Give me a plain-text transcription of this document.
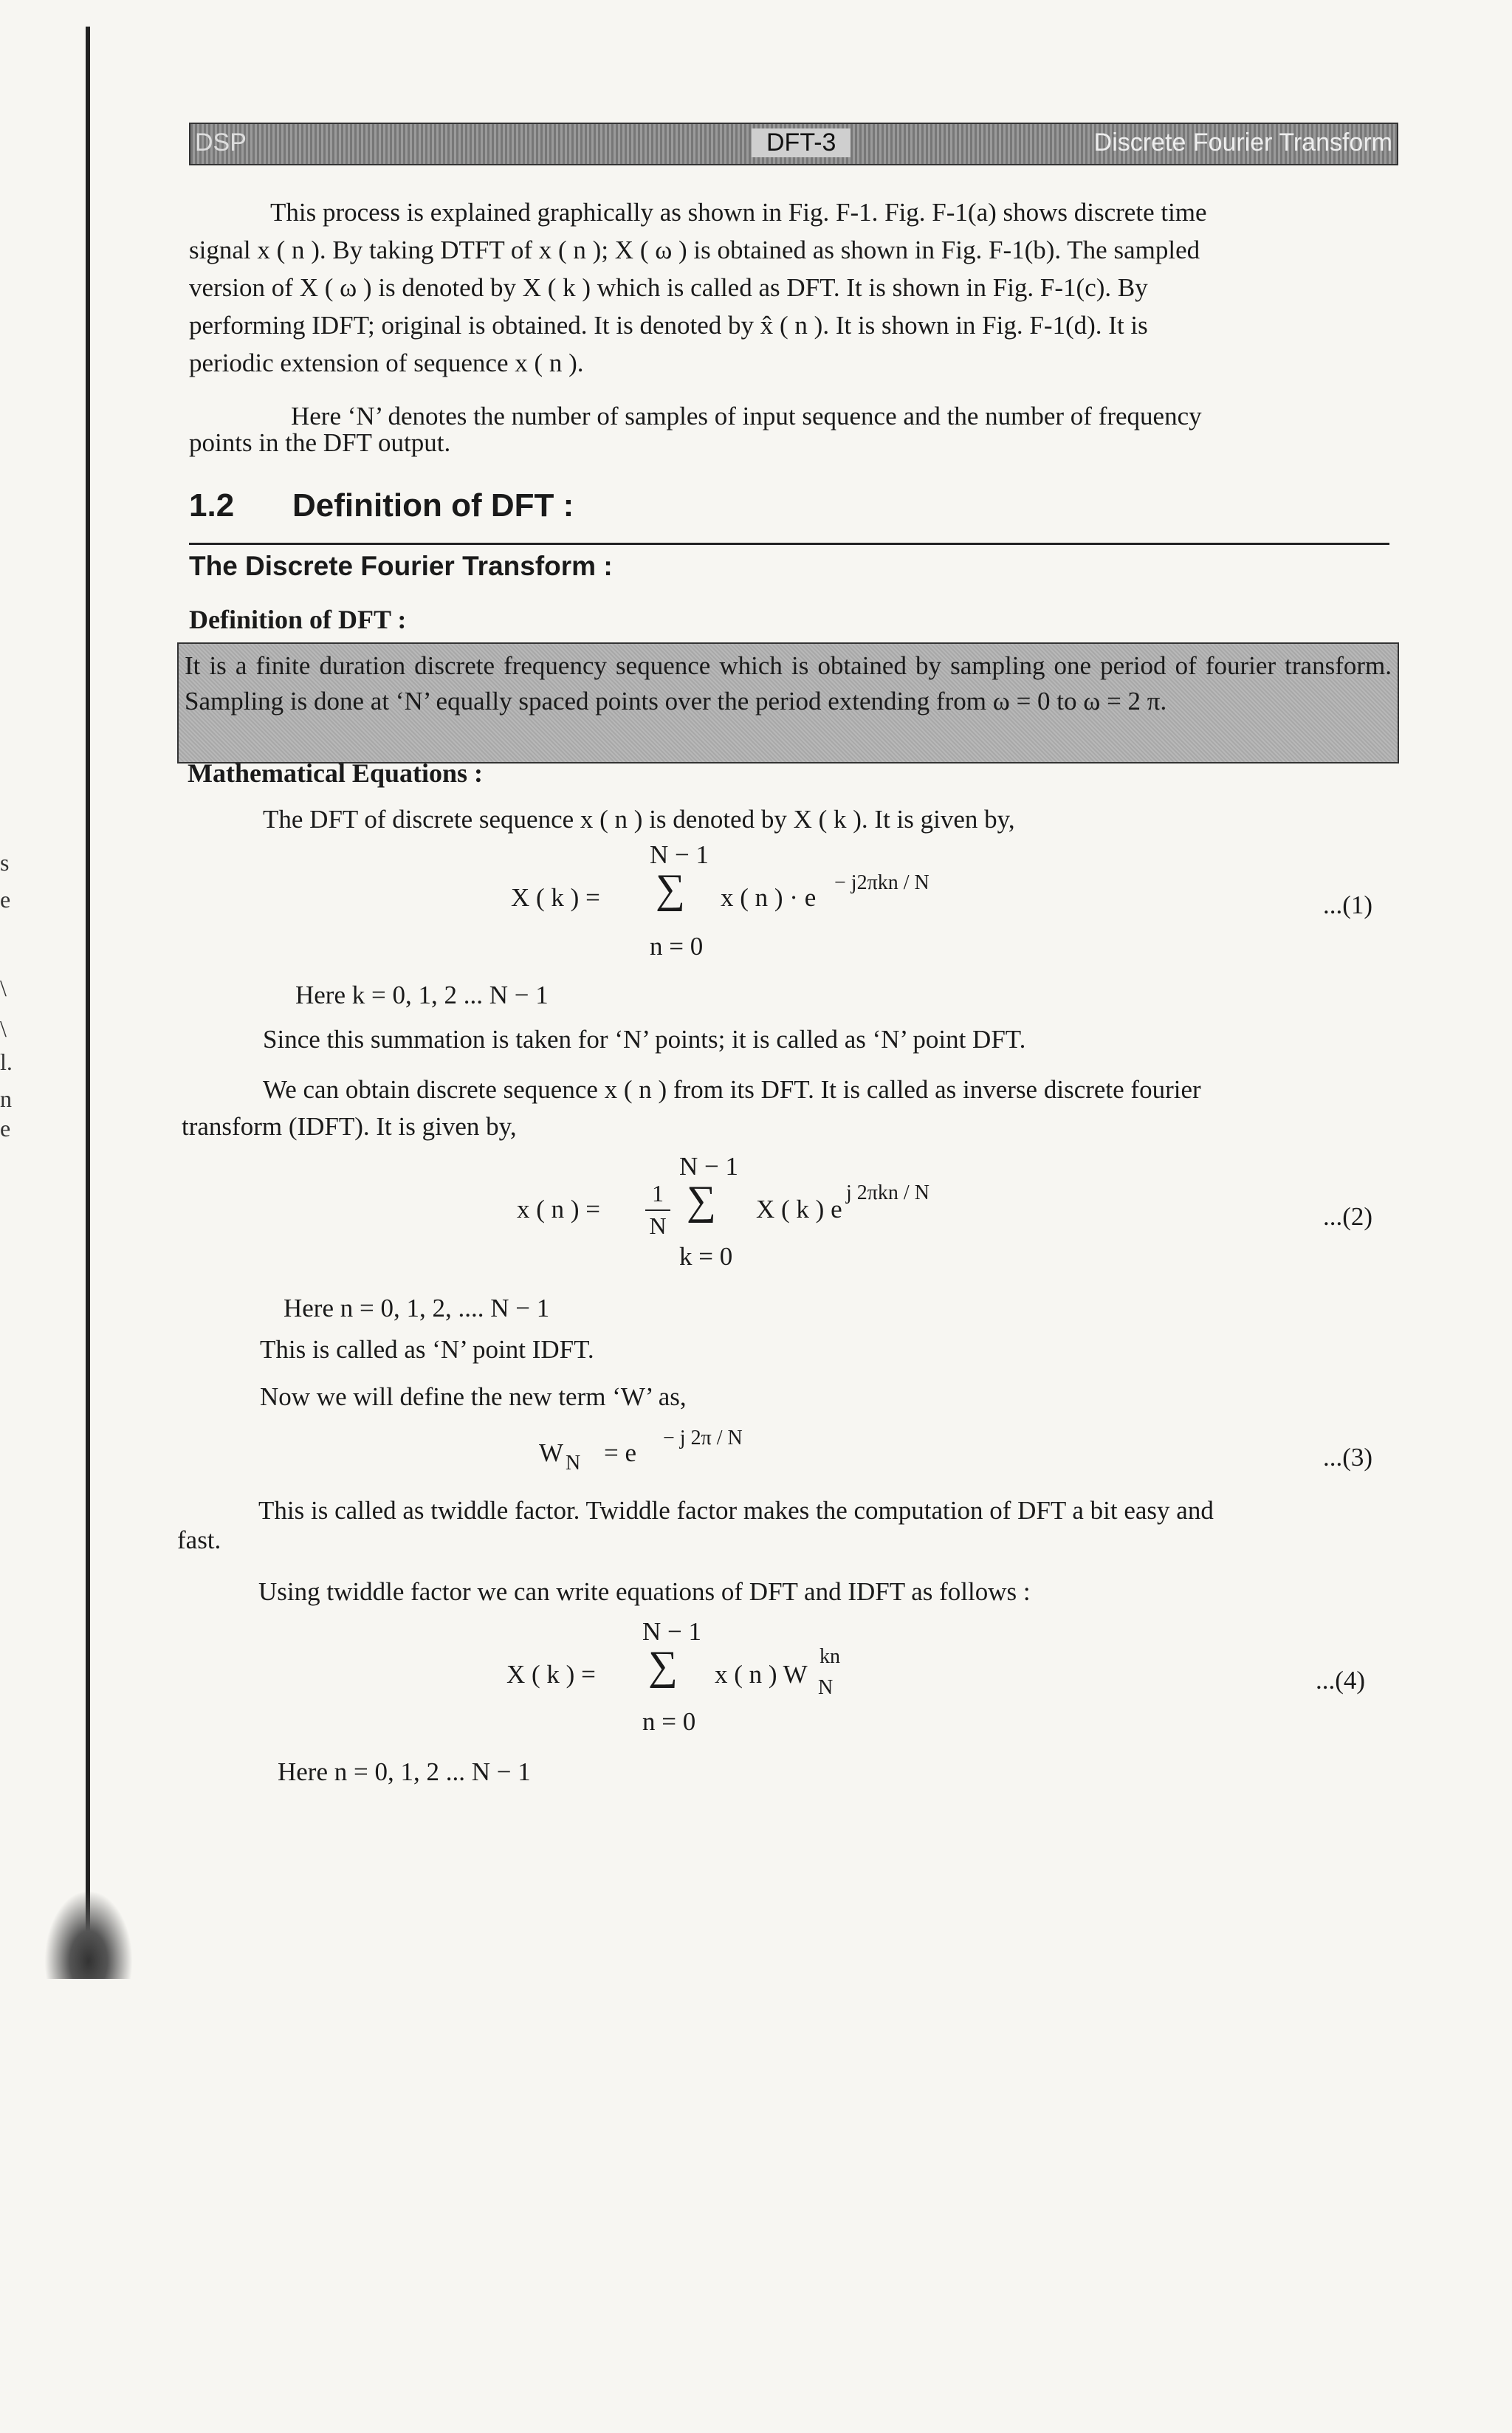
s
e
\
\
l.
n
e
DSP	DFT-3	Discrete Fourier Transform
This process is explained graphically as shown in Fig. F-1. Fig. F-1(a) shows discrete time
signal x ( n ). By taking DTFT of x ( n ); X ( ω ) is obtained as shown in Fig. F-1(b). The sampled
version of X ( ω ) is denoted by X ( k ) which is called as DFT. It is shown in Fig. F-1(c). By
performing IDFT; original is obtained. It is denoted by x̂ ( n ). It is shown in Fig. F-1(d). It is
periodic extension of sequence x ( n ).
Here ‘N’ denotes the number of samples of input sequence and the number of frequency
points in the DFT output.
1.2 Definition of DFT :
The Discrete Fourier Transform :
Definition of DFT :
It is a finite duration discrete frequency sequence which is obtained by sampling one period of fourier transform. Sampling is done at ‘N’ equally spaced points over the period extending from ω = 0 to ω = 2 π.
Mathematical Equations :
The DFT of discrete sequence x ( n ) is denoted by X ( k ). It is given by,
N − 1
X ( k ) = ∑ x ( n ) · e
− j2πkn / N
n = 0
...(1)
Here k = 0, 1, 2 ... N − 1
Since this summation is taken for ‘N’ points; it is called as ‘N’ point DFT.
We can obtain discrete sequence x ( n ) from its DFT. It is called as inverse discrete fourier
transform (IDFT). It is given by,
N − 1
x ( n ) =
1
N
∑ X ( k ) e
j 2πkn / N
k = 0
...(2)
Here n = 0, 1, 2, .... N − 1
This is called as ‘N’ point IDFT.
Now we will define the new term ‘W’ as,
W N = e
− j 2π / N
...(3)
This is called as twiddle factor. Twiddle factor makes the computation of DFT a bit easy and
fast.
Using twiddle factor we can write equations of DFT and IDFT as follows :
N − 1
X ( k ) = ∑ x ( n ) W
kn
N
n = 0
...(4)
Here n = 0, 1, 2 ... N − 1
